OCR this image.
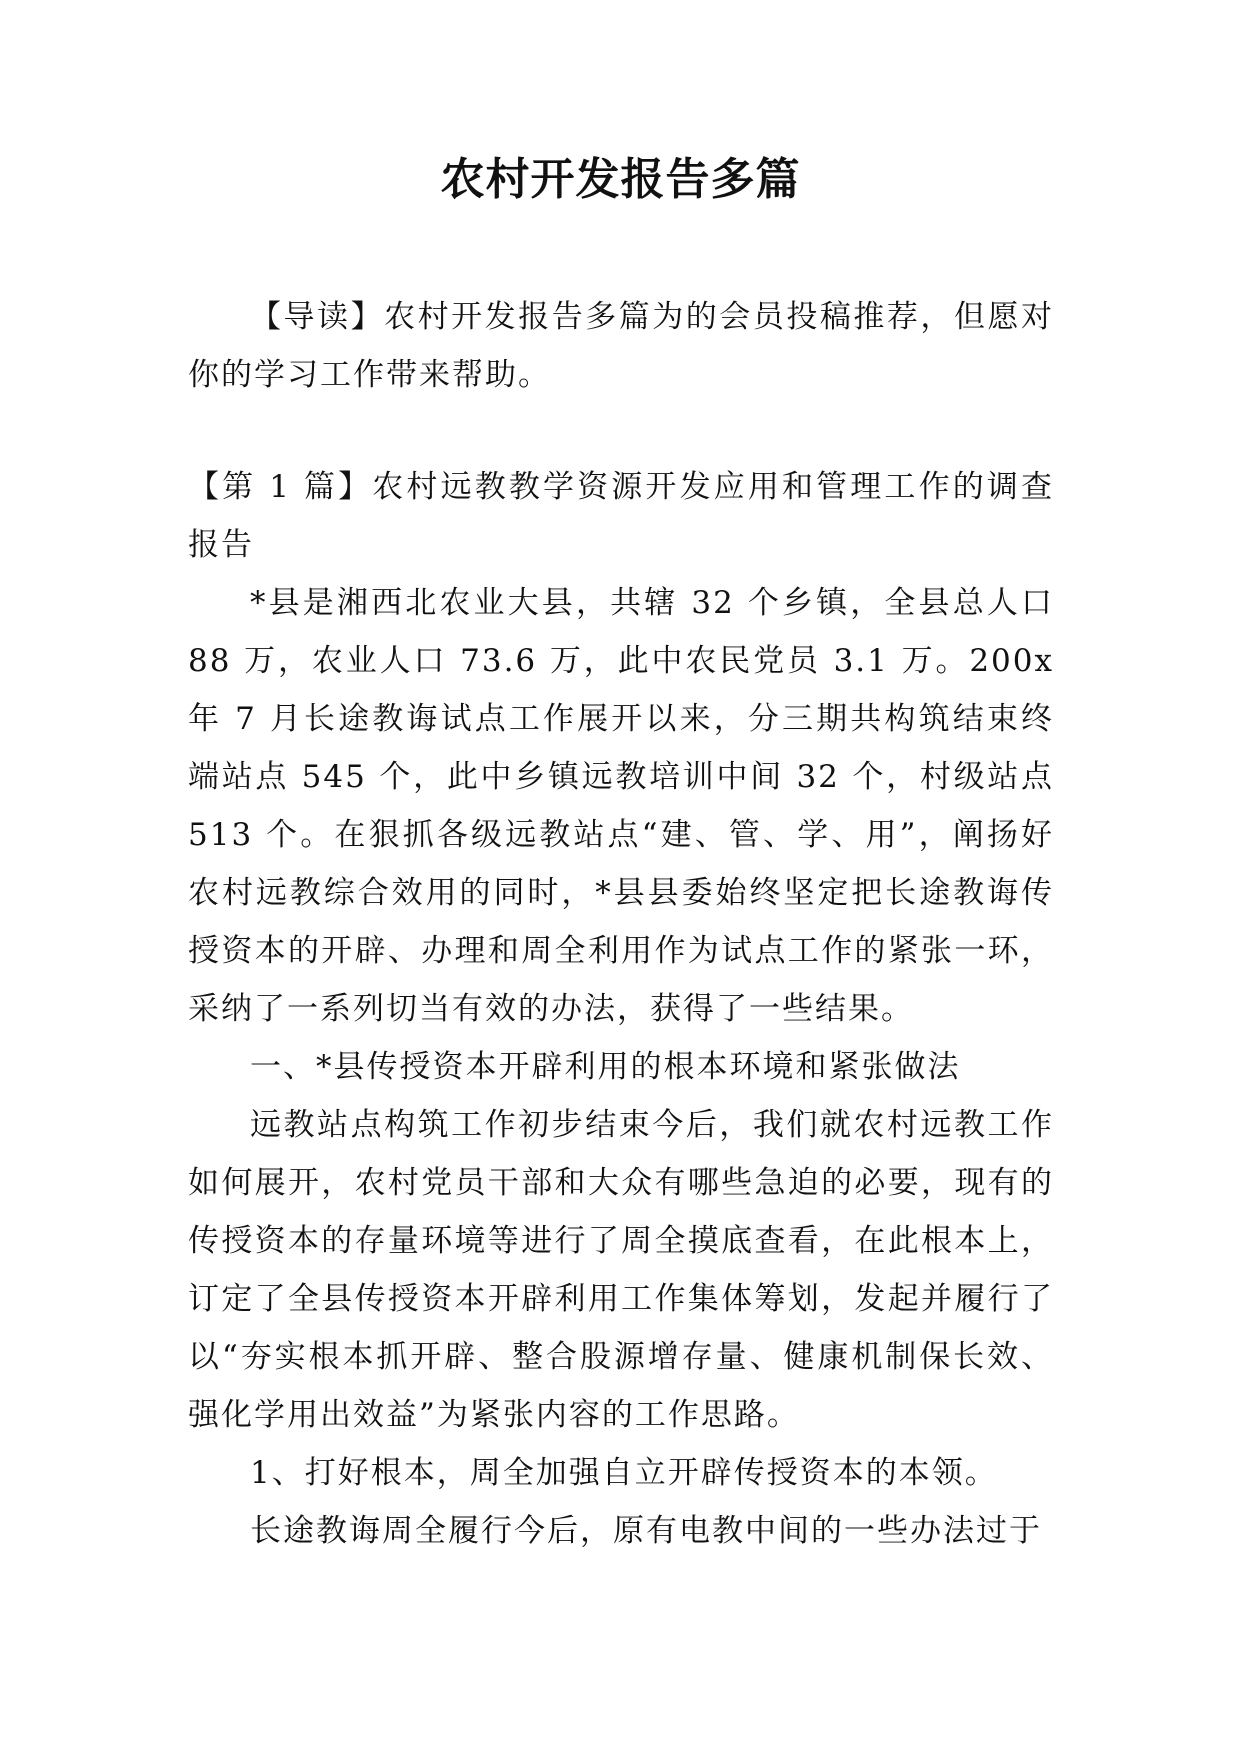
农村开发报告多篇

【导读】农村开发报告多篇为的会员投稿推荐，但愿对你的学习工作带来帮助。

【第 1 篇】农村远教教学资源开发应用和管理工作的调查报告

*县是湘西北农业大县，共辖 32 个乡镇，全县总人口 88 万，农业人口 73.6 万，此中农民党员 3.1 万。200x 年 7 月长途教诲试点工作展开以来，分三期共构筑结束终端站点 545 个，此中乡镇远教培训中间 32 个，村级站点 513 个。在狠抓各级远教站点“建、管、学、用”，阐扬好农村远教综合效用的同时，*县县委始终坚定把长途教诲传授资本的开辟、办理和周全利用作为试点工作的紧张一环，采纳了一系列切当有效的办法，获得了一些结果。

一、*县传授资本开辟利用的根本环境和紧张做法

远教站点构筑工作初步结束今后，我们就农村远教工作如何展开，农村党员干部和大众有哪些急迫的必要，现有的传授资本的存量环境等进行了周全摸底查看，在此根本上，订定了全县传授资本开辟利用工作集体筹划，发起并履行了以“夯实根本抓开辟、整合股源增存量、健康机制保长效、强化学用出效益”为紧张内容的工作思路。

1、打好根本，周全加强自立开辟传授资本的本领。

长途教诲周全履行今后，原有电教中间的一些办法过于
